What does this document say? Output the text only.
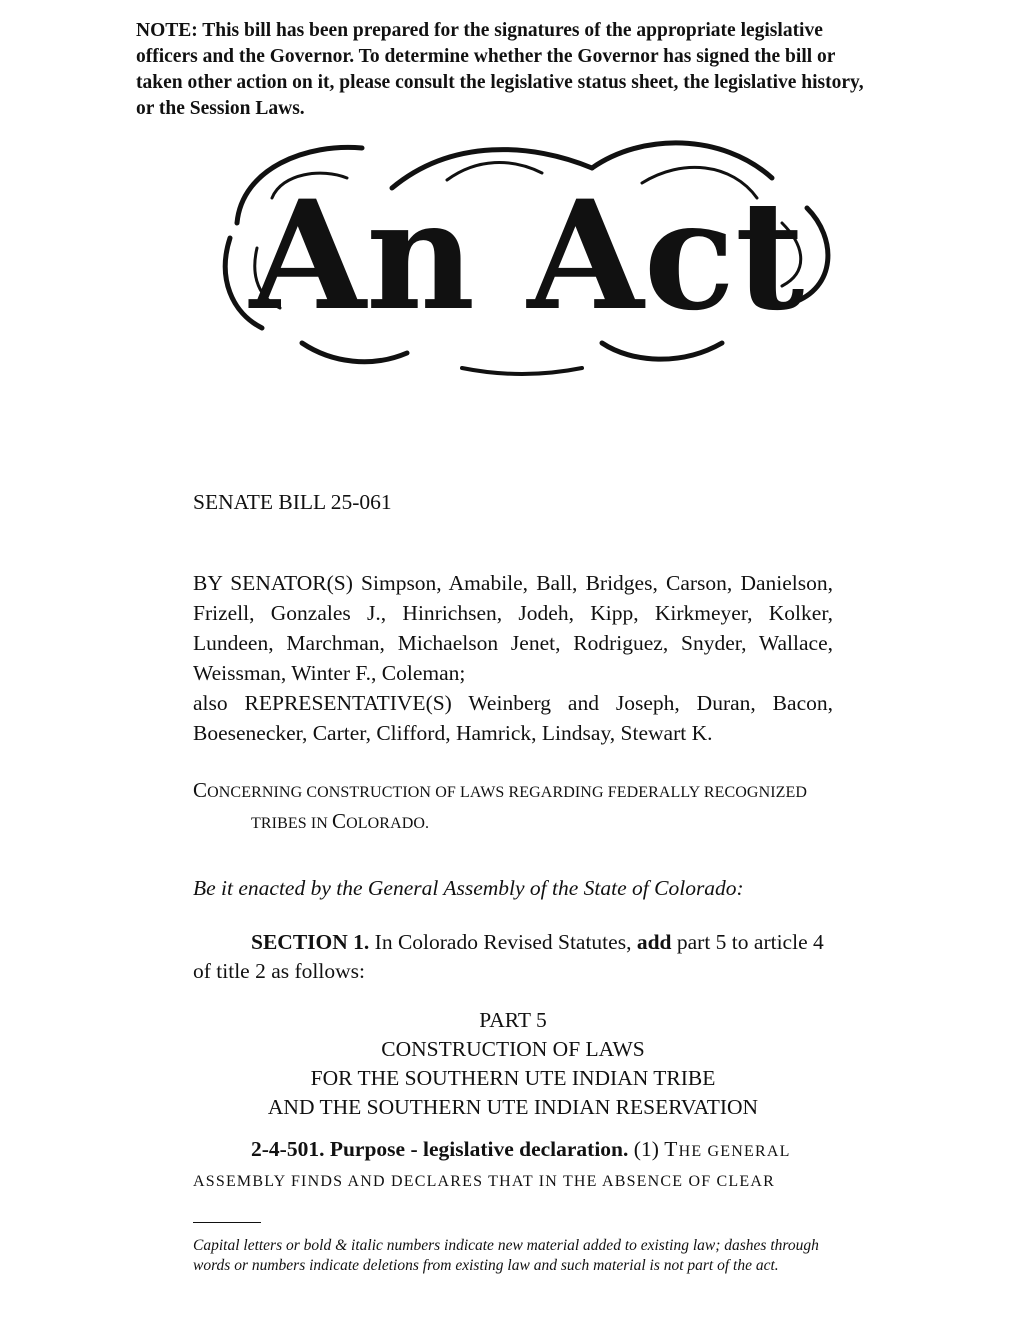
NOTE: This bill has been prepared for the signatures of the appropriate legislative officers and the Governor. To determine whether the Governor has signed the bill or taken other action on it, please consult the legislative status sheet, the legislative history, or the Session Laws.
An Act
SENATE BILL 25-061

BY SENATOR(S) Simpson, Amabile, Ball, Bridges, Carson, Danielson, Frizell, Gonzales J., Hinrichsen, Jodeh, Kipp, Kirkmeyer, Kolker, Lundeen, Marchman, Michaelson Jenet, Rodriguez, Snyder, Wallace, Weissman, Winter F., Coleman;

also REPRESENTATIVE(S) Weinberg and Joseph, Duran, Bacon, Boesenecker, Carter, Clifford, Hamrick, Lindsay, Stewart K.

CONCERNING CONSTRUCTION OF LAWS REGARDING FEDERALLY RECOGNIZED
TRIBES IN COLORADO.
Be it enacted by the General Assembly of the State of Colorado:
SECTION 1. In Colorado Revised Statutes, add part 5 to article 4 of title 2 as follows:
PART 5
CONSTRUCTION OF LAWS
FOR THE SOUTHERN UTE INDIAN TRIBE
AND THE SOUTHERN UTE INDIAN RESERVATION
2-4-501. Purpose - legislative declaration. (1) THE GENERAL
ASSEMBLY FINDS AND DECLARES THAT IN THE ABSENCE OF CLEAR
Capital letters or bold & italic numbers indicate new material added to existing law; dashes through words or numbers indicate deletions from existing law and such material is not part of the act.
